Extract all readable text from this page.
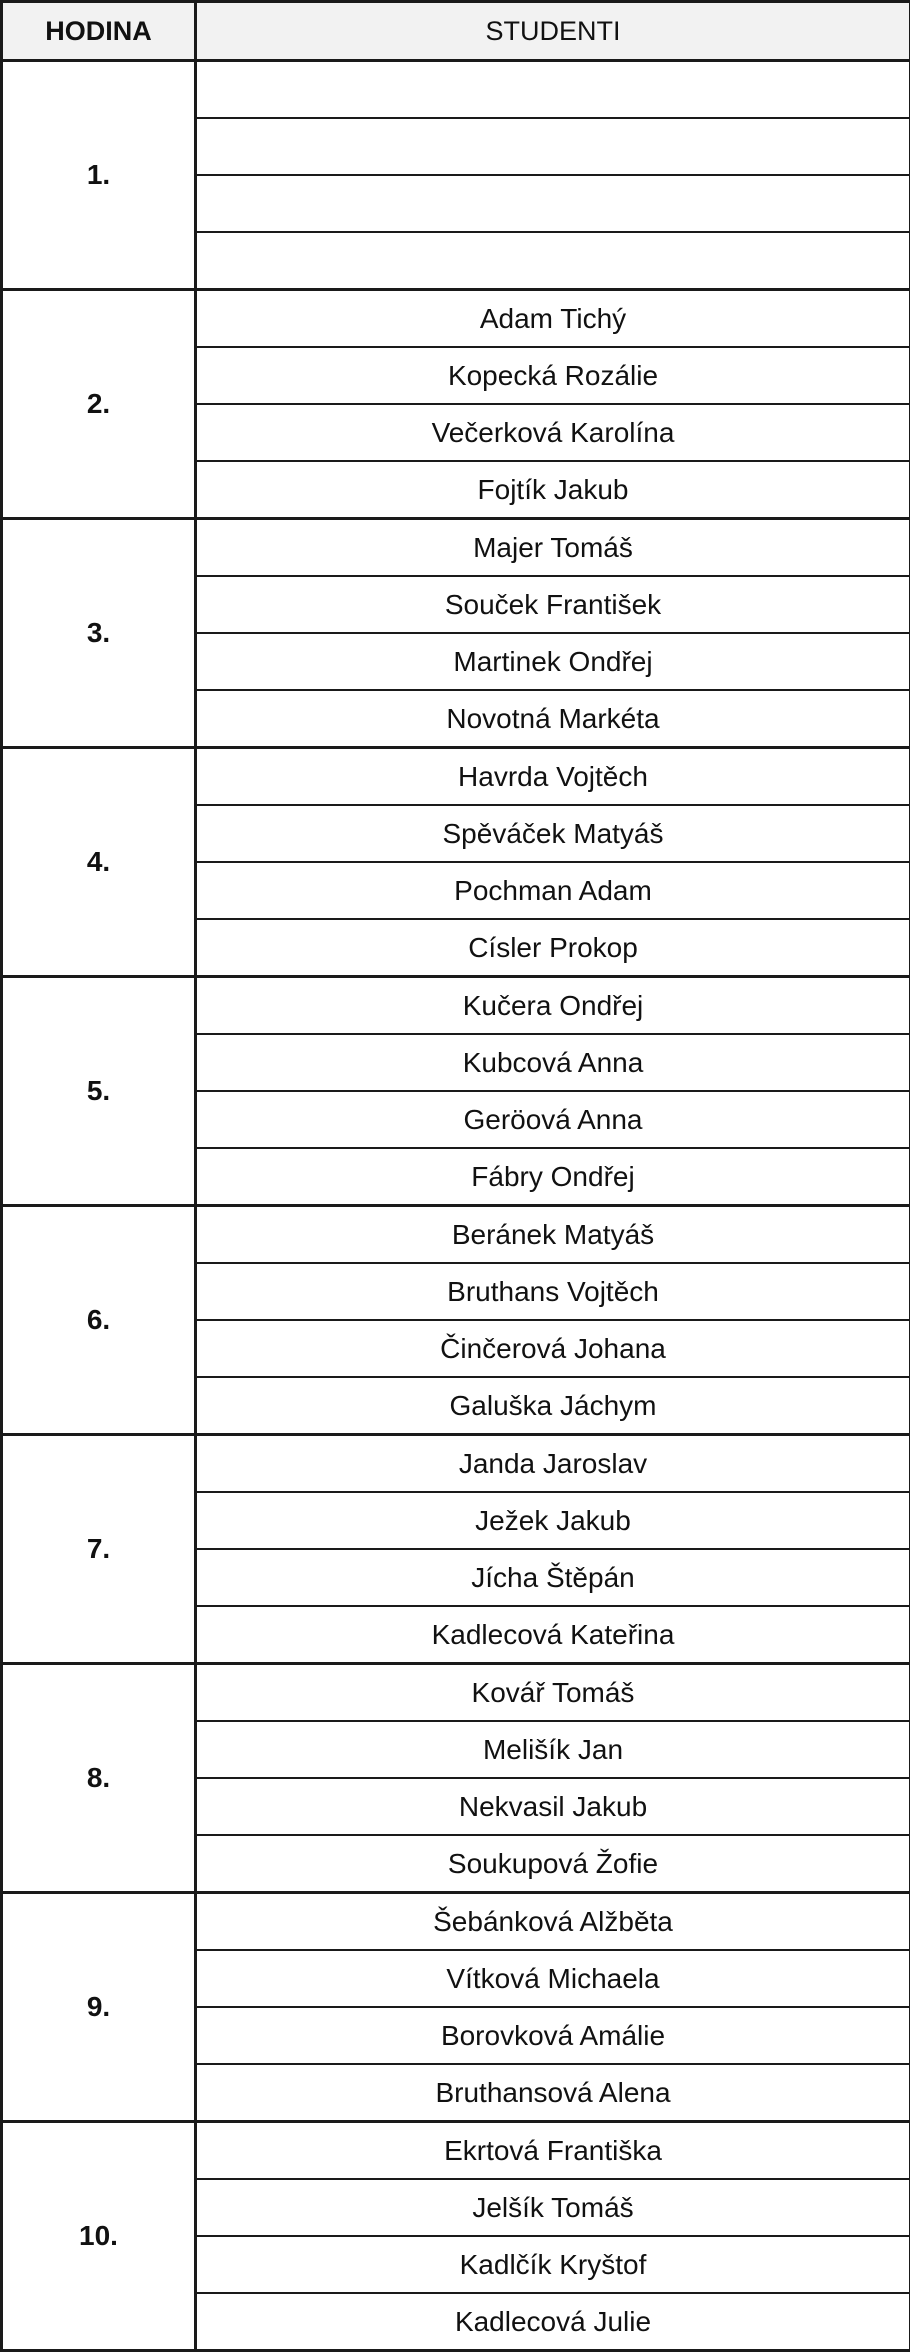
HODINA	STUDENTI
1.	

2.	Adam Tichý
	Kopecká Rozálie
	Večerková Karolína
	Fojtík Jakub
3.	Majer Tomáš
	Souček František
	Martinek Ondřej
	Novotná Markéta
4.	Havrda Vojtěch
	Spěváček Matyáš
	Pochman Adam
	Císler Prokop
5.	Kučera Ondřej
	Kubcová Anna
	Geröová Anna
	Fábry Ondřej
6.	Beránek Matyáš
	Bruthans Vojtěch
	Činčerová Johana
	Galuška Jáchym
7.	Janda Jaroslav
	Ježek Jakub
	Jícha Štěpán
	Kadlecová Kateřina
8.	Kovář Tomáš
	Melišík Jan
	Nekvasil Jakub
	Soukupová Žofie
9.	Šebánková Alžběta
	Vítková Michaela
	Borovková Amálie
	Bruthansová Alena
10.	Ekrtová Františka
	Jelšík Tomáš
	Kadlčík Kryštof
	Kadlecová Julie
